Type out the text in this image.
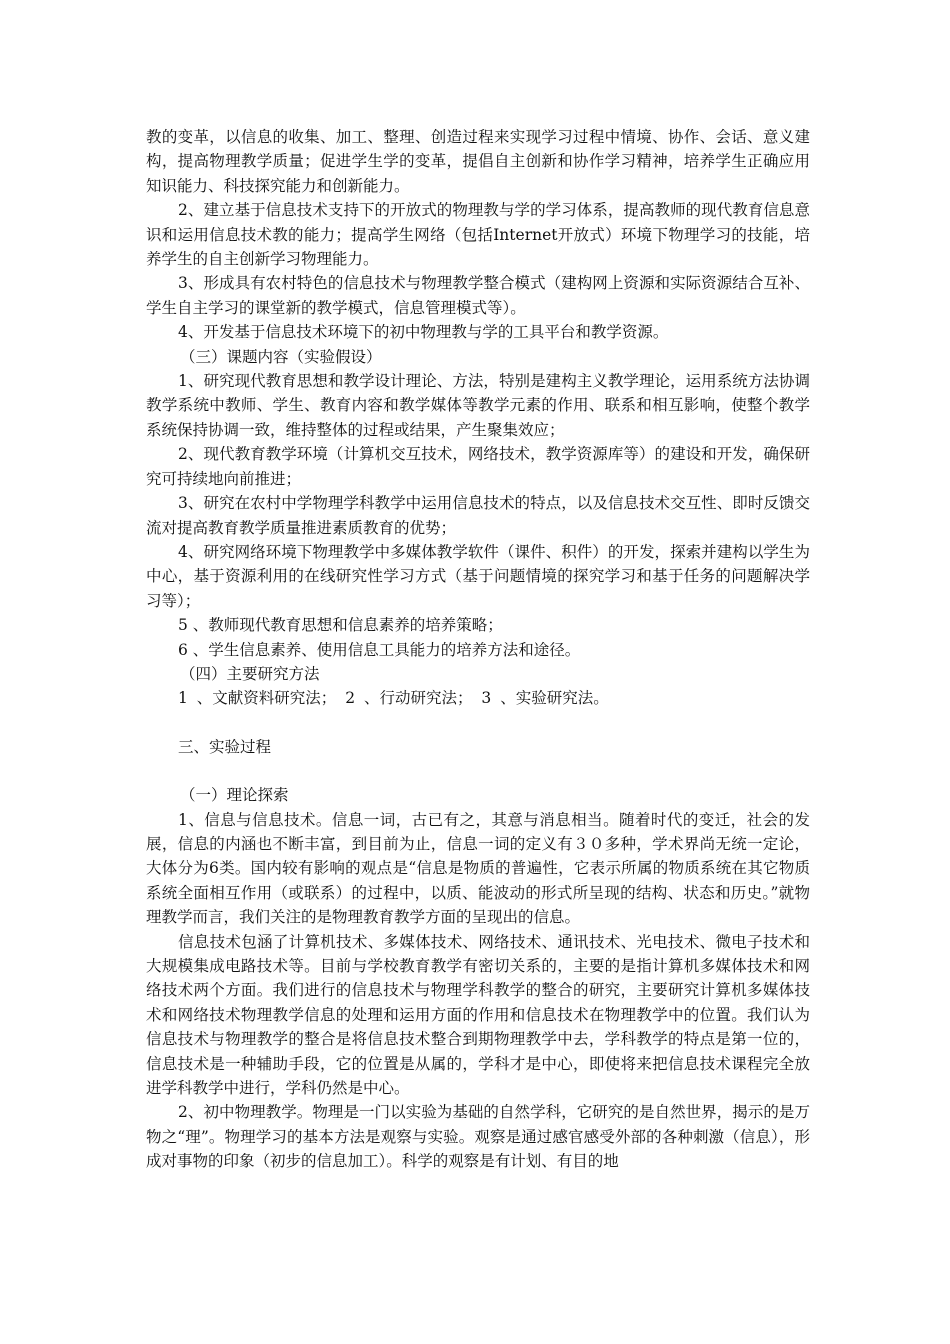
教的变革，以信息的收集、加工、整理、创造过程来实现学习过程中情境、协作、会话、意义建构，提高物理教学质量；促进学生学的变革，提倡自主创新和协作学习精神，培养学生正确应用知识能力、科技探究能力和创新能力。

2、建立基于信息技术支持下的开放式的物理教与学的学习体系，提高教师的现代教育信息意识和运用信息技术教的能力；提高学生网络（包括Internet开放式）环境下物理学习的技能，培养学生的自主创新学习物理能力。

3、形成具有农村特色的信息技术与物理教学整合模式（建构网上资源和实际资源结合互补、学生自主学习的课堂新的教学模式，信息管理模式等）。

4、开发基于信息技术环境下的初中物理教与学的工具平台和教学资源。

（三）课题内容（实验假设）

1、研究现代教育思想和教学设计理论、方法，特别是建构主义教学理论，运用系统方法协调教学系统中教师、学生、教育内容和教学媒体等教学元素的作用、联系和相互影响，使整个教学系统保持协调一致，维持整体的过程或结果，产生聚集效应；

2、现代教育教学环境（计算机交互技术，网络技术，教学资源库等）的建设和开发，确保研究可持续地向前推进；

3、研究在农村中学物理学科教学中运用信息技术的特点，以及信息技术交互性、即时反馈交流对提高教育教学质量推进素质教育的优势；

4、研究网络环境下物理教学中多媒体教学软件（课件、积件）的开发，探索并建构以学生为中心，基于资源利用的在线研究性学习方式（基于问题情境的探究学习和基于任务的问题解决学习等）；

5 、教师现代教育思想和信息素养的培养策略；

6 、学生信息素养、使用信息工具能力的培养方法和途径。

（四）主要研究方法

1 、文献资料研究法； 2 、行动研究法； 3 、实验研究法。

三、实验过程

（一）理论探索

1、信息与信息技术。信息一词，古已有之，其意与消息相当。随着时代的变迁，社会的发展，信息的内涵也不断丰富，到目前为止，信息一词的定义有３０多种，学术界尚无统一定论，大体分为6类。国内较有影响的观点是“信息是物质的普遍性，它表示所属的物质系统在其它物质系统全面相互作用（或联系）的过程中，以质、能波动的形式所呈现的结构、状态和历史。”就物理教学而言，我们关注的是物理教育教学方面的呈现出的信息。

信息技术包涵了计算机技术、多媒体技术、网络技术、通讯技术、光电技术、微电子技术和大规模集成电路技术等。目前与学校教育教学有密切关系的，主要的是指计算机多媒体技术和网络技术两个方面。我们进行的信息技术与物理学科教学的整合的研究，主要研究计算机多媒体技术和网络技术物理教学信息的处理和运用方面的作用和信息技术在物理教学中的位置。我们认为信息技术与物理教学的整合是将信息技术整合到期物理教学中去，学科教学的特点是第一位的，信息技术是一种辅助手段，它的位置是从属的，学科才是中心，即使将来把信息技术课程完全放进学科教学中进行，学科仍然是中心。

2、初中物理教学。物理是一门以实验为基础的自然学科，它研究的是自然世界，揭示的是万物之“理”。物理学习的基本方法是观察与实验。观察是通过感官感受外部的各种刺激（信息），形成对事物的印象（初步的信息加工）。科学的观察是有计划、有目的地
